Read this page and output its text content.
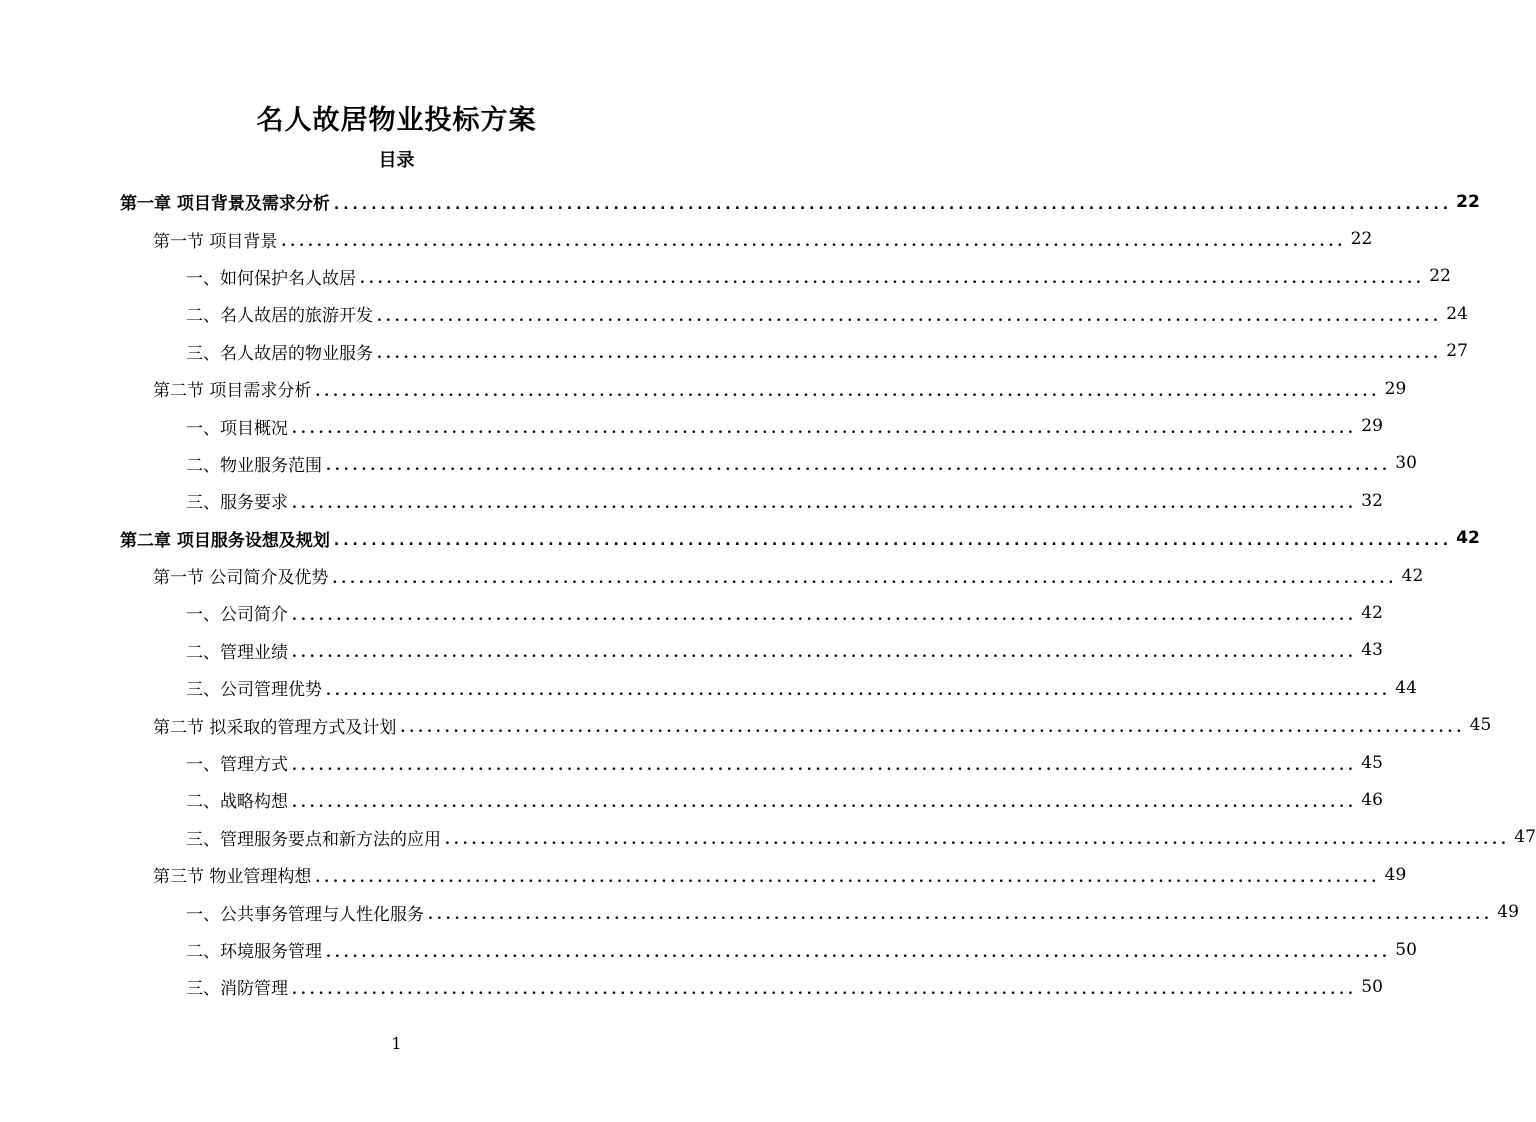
名人故居物业投标方案
目录
第一章 项目背景及需求分析 ........................................................................................................................ 22
第一节 项目背景 ........................................................................................................................ 22
一、如何保护名人故居 ........................................................................................................................ 22
二、名人故居的旅游开发 ........................................................................................................................ 24
三、名人故居的物业服务 ........................................................................................................................ 27
第二节 项目需求分析 ........................................................................................................................ 29
一、项目概况 ........................................................................................................................ 29
二、物业服务范围 ........................................................................................................................ 30
三、服务要求 ........................................................................................................................ 32
第二章 项目服务设想及规划 ........................................................................................................................ 42
第一节 公司简介及优势 ........................................................................................................................ 42
一、公司简介 ........................................................................................................................ 42
二、管理业绩 ........................................................................................................................ 43
三、公司管理优势 ........................................................................................................................ 44
第二节 拟采取的管理方式及计划 ........................................................................................................................ 45
一、管理方式 ........................................................................................................................ 45
二、战略构想 ........................................................................................................................ 46
三、管理服务要点和新方法的应用 ........................................................................................................................ 47
第三节 物业管理构想 ........................................................................................................................ 49
一、公共事务管理与人性化服务 ........................................................................................................................ 49
二、环境服务管理 ........................................................................................................................ 50
三、消防管理 ........................................................................................................................ 50
1
